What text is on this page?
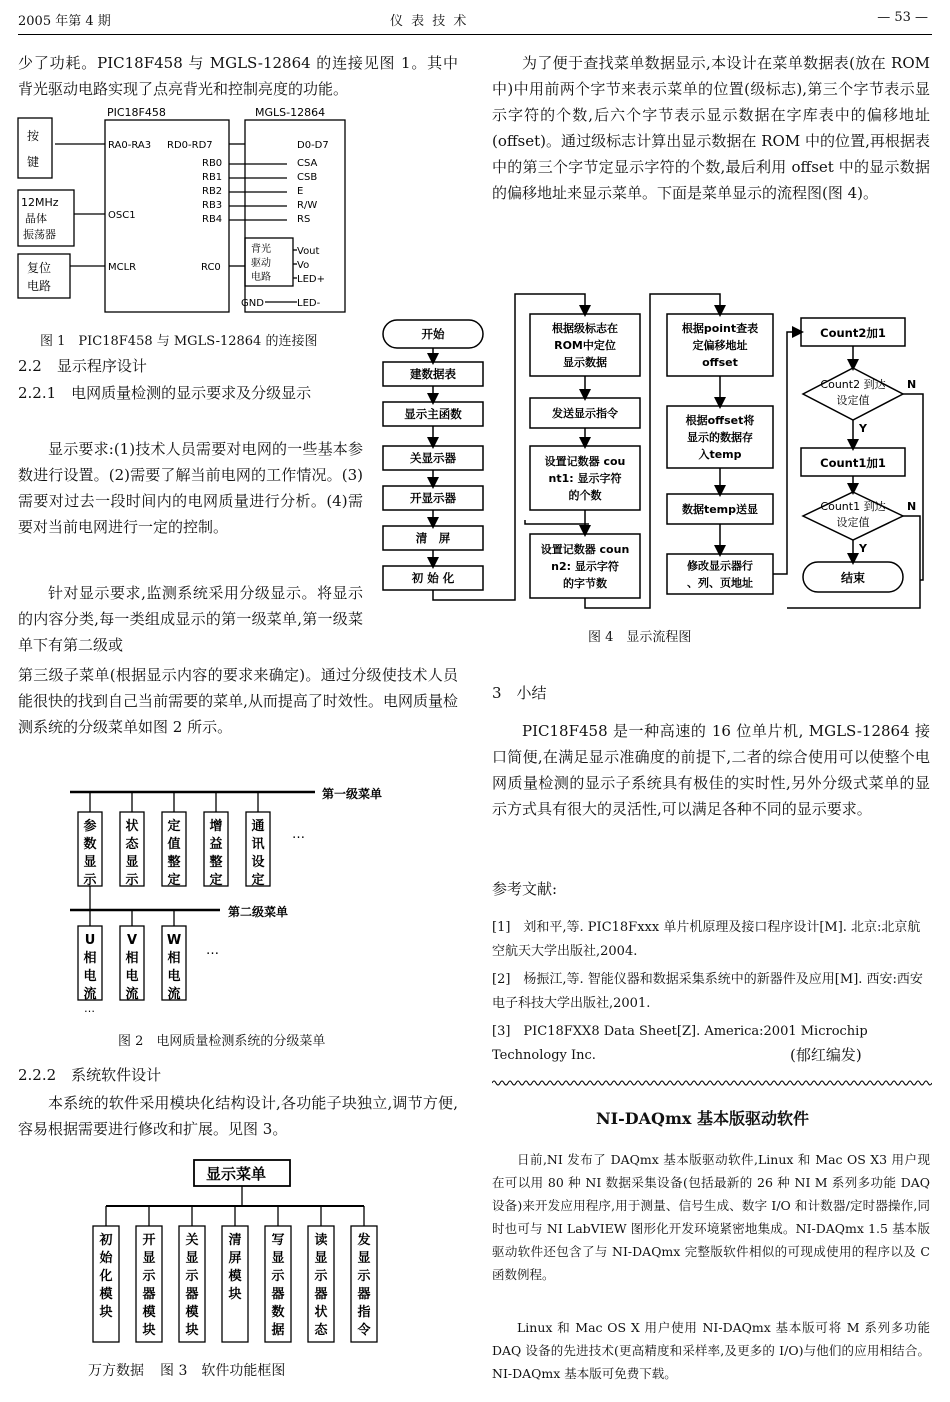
2005 年第 4 期	仪 表 技 术	— 53 —

少了功耗。PIC18F458 与 MGLS-12864 的连接见图 1。其中背光驱动电路实现了点亮背光和控制亮度的功能。

按
键
12MHz
晶体
振荡器
复位
电路
PIC18F458	MGLS-12864
RA0-RA3
OSC1
MCLR
RD0-RD7
RB0
RB1
RB2
RB3
RB4
RC0
D0-D7
CSA
CSB
E
R/W
RS
Vout
Vo
LED+
LED-
背光
驱动
电路
GND
图 1　PIC18F458 与 MGLS-12864 的连接图
2.2　显示程序设计
2.2.1　电网质量检测的显示要求及分级显示

显示要求:(1)技术人员需要对电网的一些基本参数进行设置。(2)需要了解当前电网的工作情况。(3)需要对过去一段时间内的电网质量进行分析。(4)需要对当前电网进行一定的控制。

针对显示要求,监测系统采用分级显示。将显示的内容分类,每一类组成显示的第一级菜单,第一级菜单下有第二级或

第三级子菜单(根据显示内容的要求来确定)。通过分级使技术人员能很快的找到自己当前需要的菜单,从而提高了时效性。电网质量检测系统的分级菜单如图 2 所示。

第一级菜单
第二级菜单
…
…
…
参数显示
状态显示
定值整定
增益整定
通讯设定
U 相电流
V 相电流
W 相电流
图 2　电网质量检测系统的分级菜单
2.2.2　系统软件设计

本系统的软件采用模块化结构设计,各功能子块独立,调节方便,容易根据需要进行修改和扩展。见图 3。

显示菜单
初始化模块
开显示器模块
关显示器模块
清屏模块
写显示器数据
读显示器状态
发显示器指令
万方数据 图 3　软件功能框图

为了便于查找菜单数据显示,本设计在菜单数据表(放在 ROM 中)中用前两个字节来表示菜单的位置(级标志),第三个字节表示显示字符的个数,后六个字节表示显示数据在字库表中的偏移地址(offset)。通过级标志计算出显示数据在 ROM 中的位置,再根据表中的第三个字节定显示字符的个数,最后利用 offset 中的显示数据的偏移地址来显示菜单。下面是菜单显示的流程图(图 4)。

开始
建数据表
显示主函数
关显示器
开显示器
清　屏
初 始 化
根据级标志在
ROM中定位
显示数据
发送显示指令
设置记数器 cou
nt1: 显示字符
的个数
设置记数器 coun
n2: 显示字符
的字节数
根据point查表
定偏移地址
offset
根据offset将
显示的数据存
入temp
数据temp送显
修改显示器行
、列、页地址
Count2加1
Count2 到达
设定值
N
Y
Count1加1
Count1 到达
设定值
N
Y
结束
图 4　显示流程图
3　小结

PIC18F458 是一种高速的 16 位单片机, MGLS-12864 接口简便,在满足显示准确度的前提下,二者的综合使用可以使整个电网质量检测的显示子系统具有极佳的实时性,另外分级式菜单的显示方式具有很大的灵活性,可以满足各种不同的显示要求。

参考文献:
[1]　刘和平,等. PIC18Fxxx 单片机原理及接口程序设计[M]. 北京:北京航空航天大学出版社,2004.
[2]　杨振江,等. 智能仪器和数据采集系统中的新器件及应用[M]. 西安:西安电子科技大学出版社,2001.
[3]　PIC18FXX8 Data Sheet[Z]. America:2001 Microchip Technology Inc.	(郁红编发)
NI-DAQmx 基本版驱动软件

日前,NI 发布了 DAQmx 基本版驱动软件,Linux 和 Mac OS X3 用户现在可以用 80 种 NI 数据采集设备(包括最新的 26 种 NI M 系列多功能 DAQ 设备)来开发应用程序,用于测量、信号生成、数字 I/O 和计数器/定时器操作,同时也可与 NI LabVIEW 图形化开发环境紧密地集成。NI-DAQmx 1.5 基本版驱动软件还包含了与 NI-DAQmx 完整版软件相似的可现成使用的程序以及 C 函数例程。

Linux 和 Mac OS X 用户使用 NI-DAQmx 基本版可将 M 系列多功能 DAQ 设备的先进技术(更高精度和采样率,及更多的 I/O)与他们的应用相结合。NI-DAQmx 基本版可免费下载。
